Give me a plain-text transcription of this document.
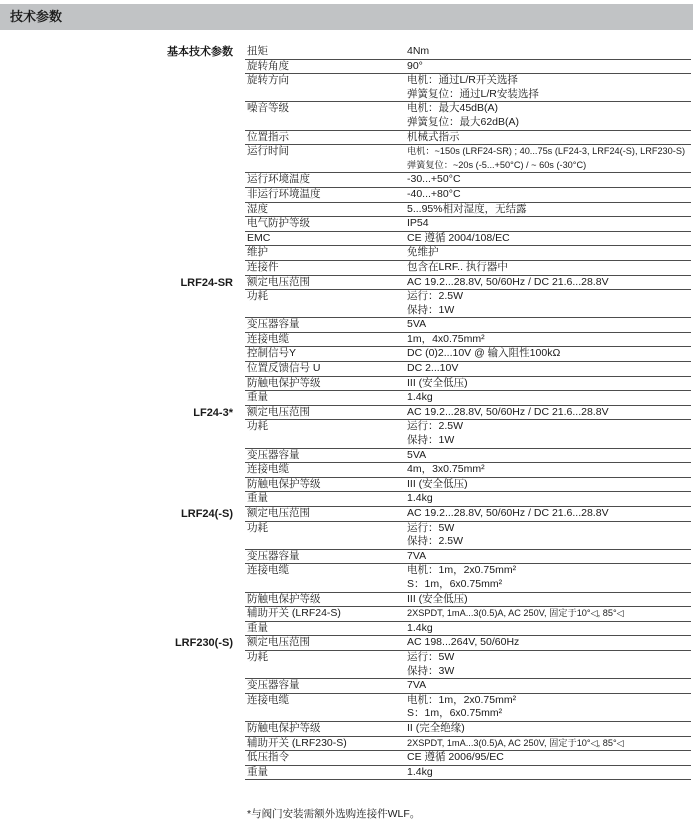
技术参数
基本技术参数	扭矩	4Nm
旋转角度	90°
旋转方向	电机：通过L/R开关选择
弹簧复位：通过L/R安装选择
噪音等级	电机：最大45dB(A)
弹簧复位：最大62dB(A)
位置指示	机械式指示
运行时间	电机：~150s (LRF24-SR) ; 40...75s (LF24-3, LRF24(-S), LRF230-S)
弹簧复位：~20s (-5...+50°C) / ~ 60s (-30°C)
运行环境温度	-30...+50°C
非运行环境温度	-40...+80°C
湿度	5...95%相对湿度，无结露
电气防护等级	IP54
EMC	CE 遵循 2004/108/EC
维护	免维护
连接件	包含在LRF.. 执行器中
LRF24-SR	额定电压范围	AC 19.2...28.8V, 50/60Hz / DC 21.6...28.8V
功耗	运行：2.5W
保持：1W
变压器容量	5VA
连接电缆	1m，4x0.75mm²
控制信号Y	DC (0)2...10V @ 输入阻性100kΩ
位置反馈信号 U	DC 2...10V
防触电保护等级	III (安全低压)
重量	1.4kg
LF24-3*	额定电压范围	AC 19.2...28.8V, 50/60Hz / DC 21.6...28.8V
功耗	运行：2.5W
保持：1W
变压器容量	5VA
连接电缆	4m，3x0.75mm²
防触电保护等级	III (安全低压)
重量	1.4kg
LRF24(-S)	额定电压范围	AC 19.2...28.8V, 50/60Hz / DC 21.6...28.8V
功耗	运行：5W
保持：2.5W
变压器容量	7VA
连接电缆	电机：1m，2x0.75mm²
S：1m，6x0.75mm²
防触电保护等级	III (安全低压)
辅助开关 (LRF24-S)	2XSPDT, 1mA...3(0.5)A, AC 250V, 固定于10°◁, 85°◁
重量	1.4kg
LRF230(-S)	额定电压范围	AC 198...264V, 50/60Hz
功耗	运行：5W
保持：3W
变压器容量	7VA
连接电缆	电机：1m，2x0.75mm²
S：1m，6x0.75mm²
防触电保护等级	II (完全绝缘)
辅助开关 (LRF230-S)	2XSPDT, 1mA...3(0.5)A, AC 250V, 固定于10°◁, 85°◁
低压指令	CE 遵循 2006/95/EC
重量	1.4kg
*与阀门安装需额外选购连接件WLF。
